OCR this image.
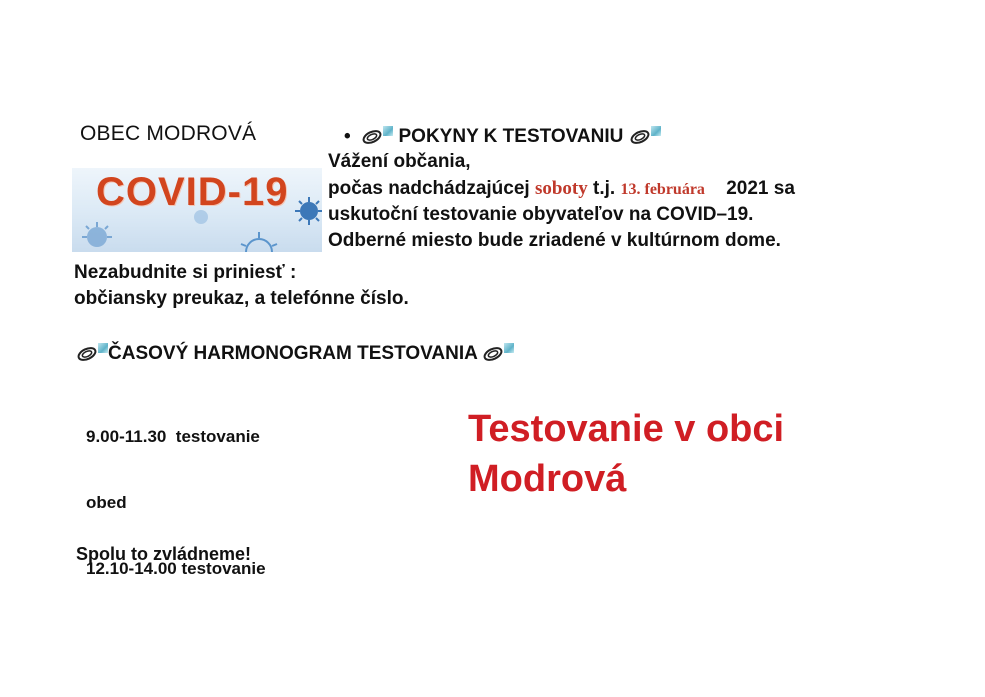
OBEC MODROVÁ
COVID-19
•   POKYNY K TESTOVANIU
Vážení občania,
počas nadchádzajúcej soboty t.j. 13. februára 2021 sa
uskutoční testovanie obyvateľov na COVID–19.
Odberné miesto bude zriadené v kultúrnom dome.
Nezabudnite si priniesť :
občiansky preukaz, a telefónne číslo.
ČASOVÝ HARMONOGRAM TESTOVANIA

9.00-11.30  testovanie

obed

12.10-14.00 testovanie

Testovanie v obci
Modrová
Spolu to zvládneme!
